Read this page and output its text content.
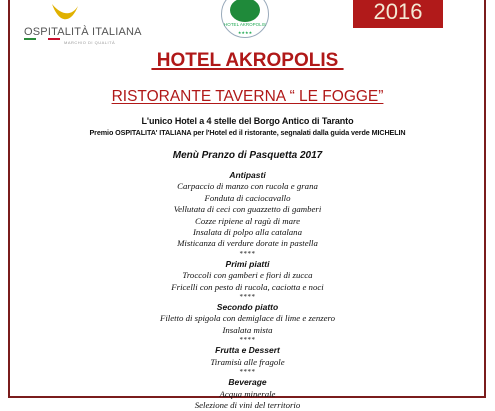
OSPITALITÀ ITALIANA
MARCHIO DI QUALITÀ
HOTEL AKROPOLIS
★★★★
2016
HOTEL AKROPOLIS
RISTORANTE TAVERNA “ LE FOGGE”
L'unico Hotel a 4 stelle del Borgo Antico di Taranto
Premio OSPITALITA' ITALIANA per l'Hotel ed il ristorante, segnalati dalla guida verde MICHELIN
Menù Pranzo di Pasquetta 2017
Antipasti
Carpaccio di manzo con rucola e grana
Fonduta di caciocavallo
Vellutata di ceci con guazzetto di gamberi
Cozze ripiene al ragù di mare
Insalata di polpo alla catalana
Misticanza di verdure dorate in pastella
****
Primi piatti
Troccoli con gamberi e fiori di zucca
Fricelli con pesto di rucola, caciotta e noci
****
Secondo piatto
Filetto di spigola con demiglace di lime e zenzero
Insalata mista
****
Frutta e Dessert
Tiramisù alle fragole
****
Beverage
Acqua minerale
Selezione di vini del territorio
